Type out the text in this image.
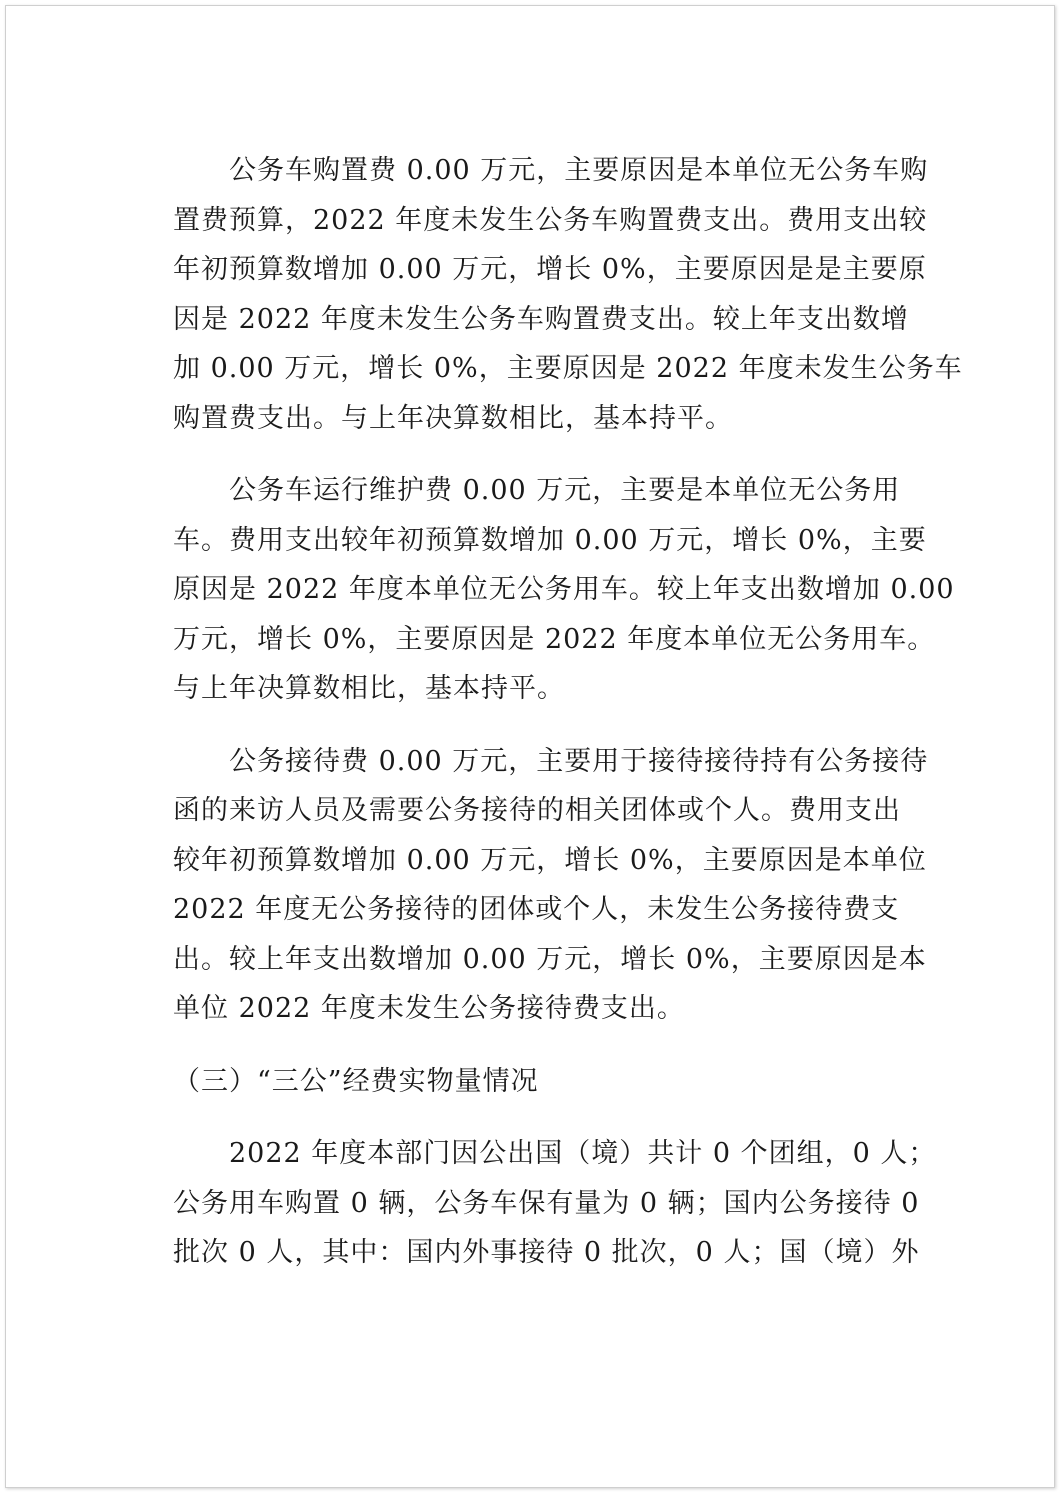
公务车购置费 0.00 万元，主要原因是本单位无公务车购
置费预算，2022 年度未发生公务车购置费支出。费用支出较
年初预算数增加 0.00 万元，增长 0%，主要原因是是主要原
因是 2022 年度未发生公务车购置费支出。较上年支出数增
加 0.00 万元，增长 0%，主要原因是 2022 年度未发生公务车
购置费支出。与上年决算数相比，基本持平。
公务车运行维护费 0.00 万元，主要是本单位无公务用
车。费用支出较年初预算数增加 0.00 万元，增长 0%，主要
原因是 2022 年度本单位无公务用车。较上年支出数增加 0.00
万元，增长 0%，主要原因是 2022 年度本单位无公务用车。
与上年决算数相比，基本持平。
公务接待费 0.00 万元，主要用于接待接待持有公务接待
函的来访人员及需要公务接待的相关团体或个人。费用支出
较年初预算数增加 0.00 万元，增长 0%，主要原因是本单位
2022 年度无公务接待的团体或个人，未发生公务接待费支
出。较上年支出数增加 0.00 万元，增长 0%，主要原因是本
单位 2022 年度未发生公务接待费支出。
（三）“三公”经费实物量情况
2022 年度本部门因公出国（境）共计 0 个团组，0 人；
公务用车购置 0 辆，公务车保有量为 0 辆；国内公务接待 0
批次 0 人，其中：国内外事接待 0 批次，0 人；国（境）外
